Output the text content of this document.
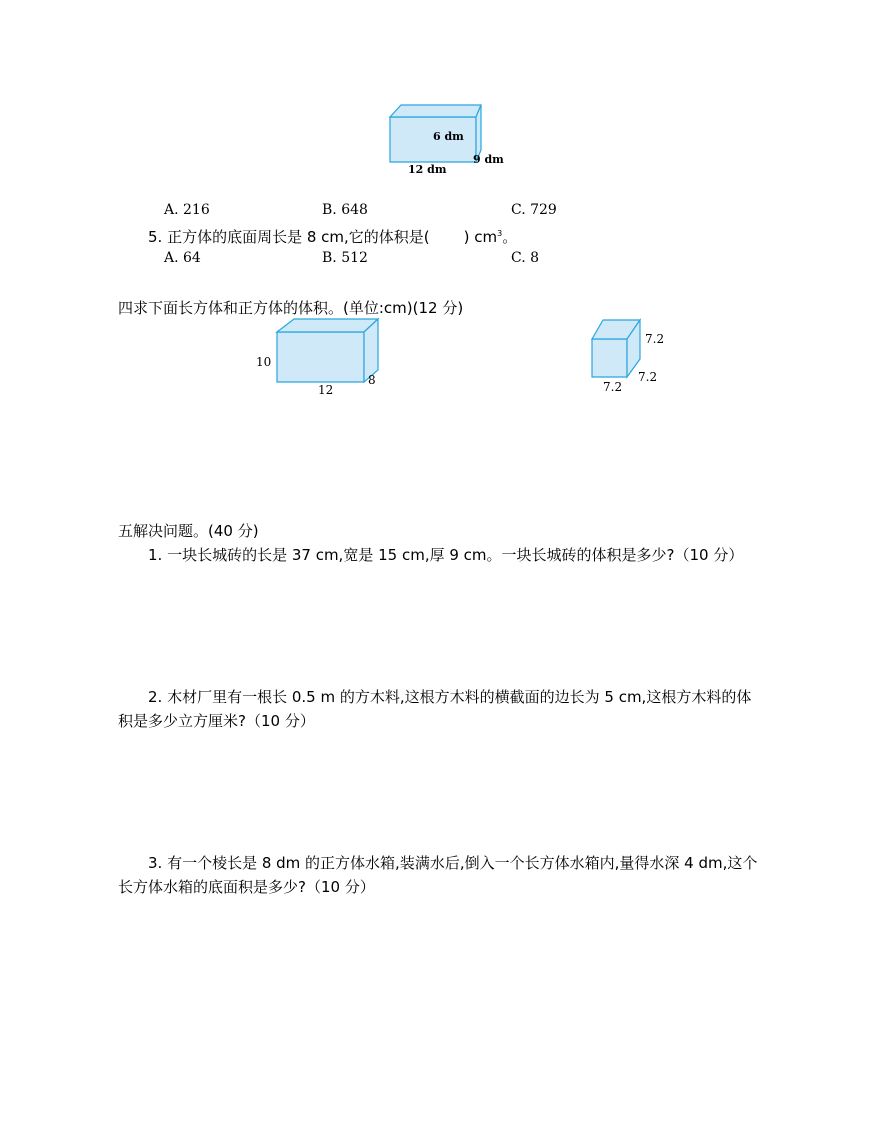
6 dm
9 dm
12 dm
A. 216	B. 648	C. 729
5. 正方体的底面周长是 8 cm,它的体积是( ) $cm^3$。
A. 64	B. 512	C. 8
四求下面长方体和正方体的体积。(单位:cm)(12 分)
10
12
8
7.2
7.2
7.2
五解决问题。(40 分)
1. 一块长城砖的长是 37 cm,宽是 15 cm,厚 9 cm。一块长城砖的体积是多少?（10 分）
2. 木材厂里有一根长 0.5 m 的方木料,这根方木料的横截面的边长为 5 cm,这根方木料的体
积是多少立方厘米?（10 分）
3. 有一个棱长是 8 dm 的正方体水箱,装满水后,倒入一个长方体水箱内,量得水深 4 dm,这个
长方体水箱的底面积是多少?（10 分）
